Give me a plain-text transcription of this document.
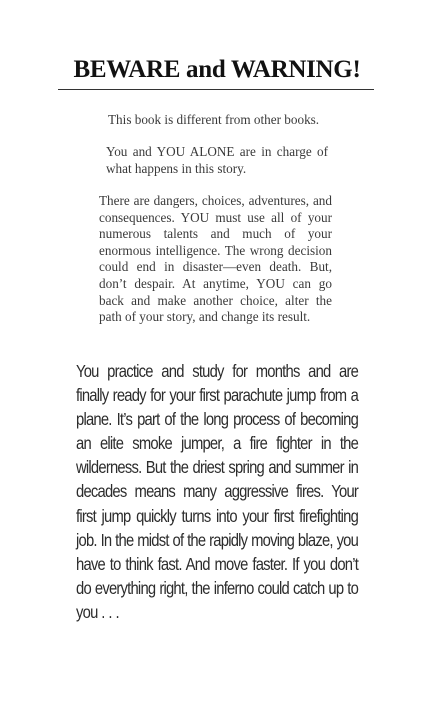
BEWARE and WARNING!

This book is different from other books.

You and YOU ALONE are in charge of what happens in this story.

There are dangers, choices, adventures, and consequences. YOU must use all of your numerous talents and much of your enormous intelligence. The wrong decision could end in disaster—even death. But, don’t despair. At anytime, YOU can go back and make another choice, alter the path of your story, and change its result.

You practice and study for months and are finally ready for your first parachute jump from a plane. It’s part of the long process of becoming an elite smoke jumper, a fire fighter in the wilderness. But the driest spring and summer in decades means many aggressive fires. Your first jump quickly turns into your first firefighting job. In the midst of the rapidly moving blaze, you have to think fast. And move faster. If you don’t do everything right, the inferno could catch up to you . . .
